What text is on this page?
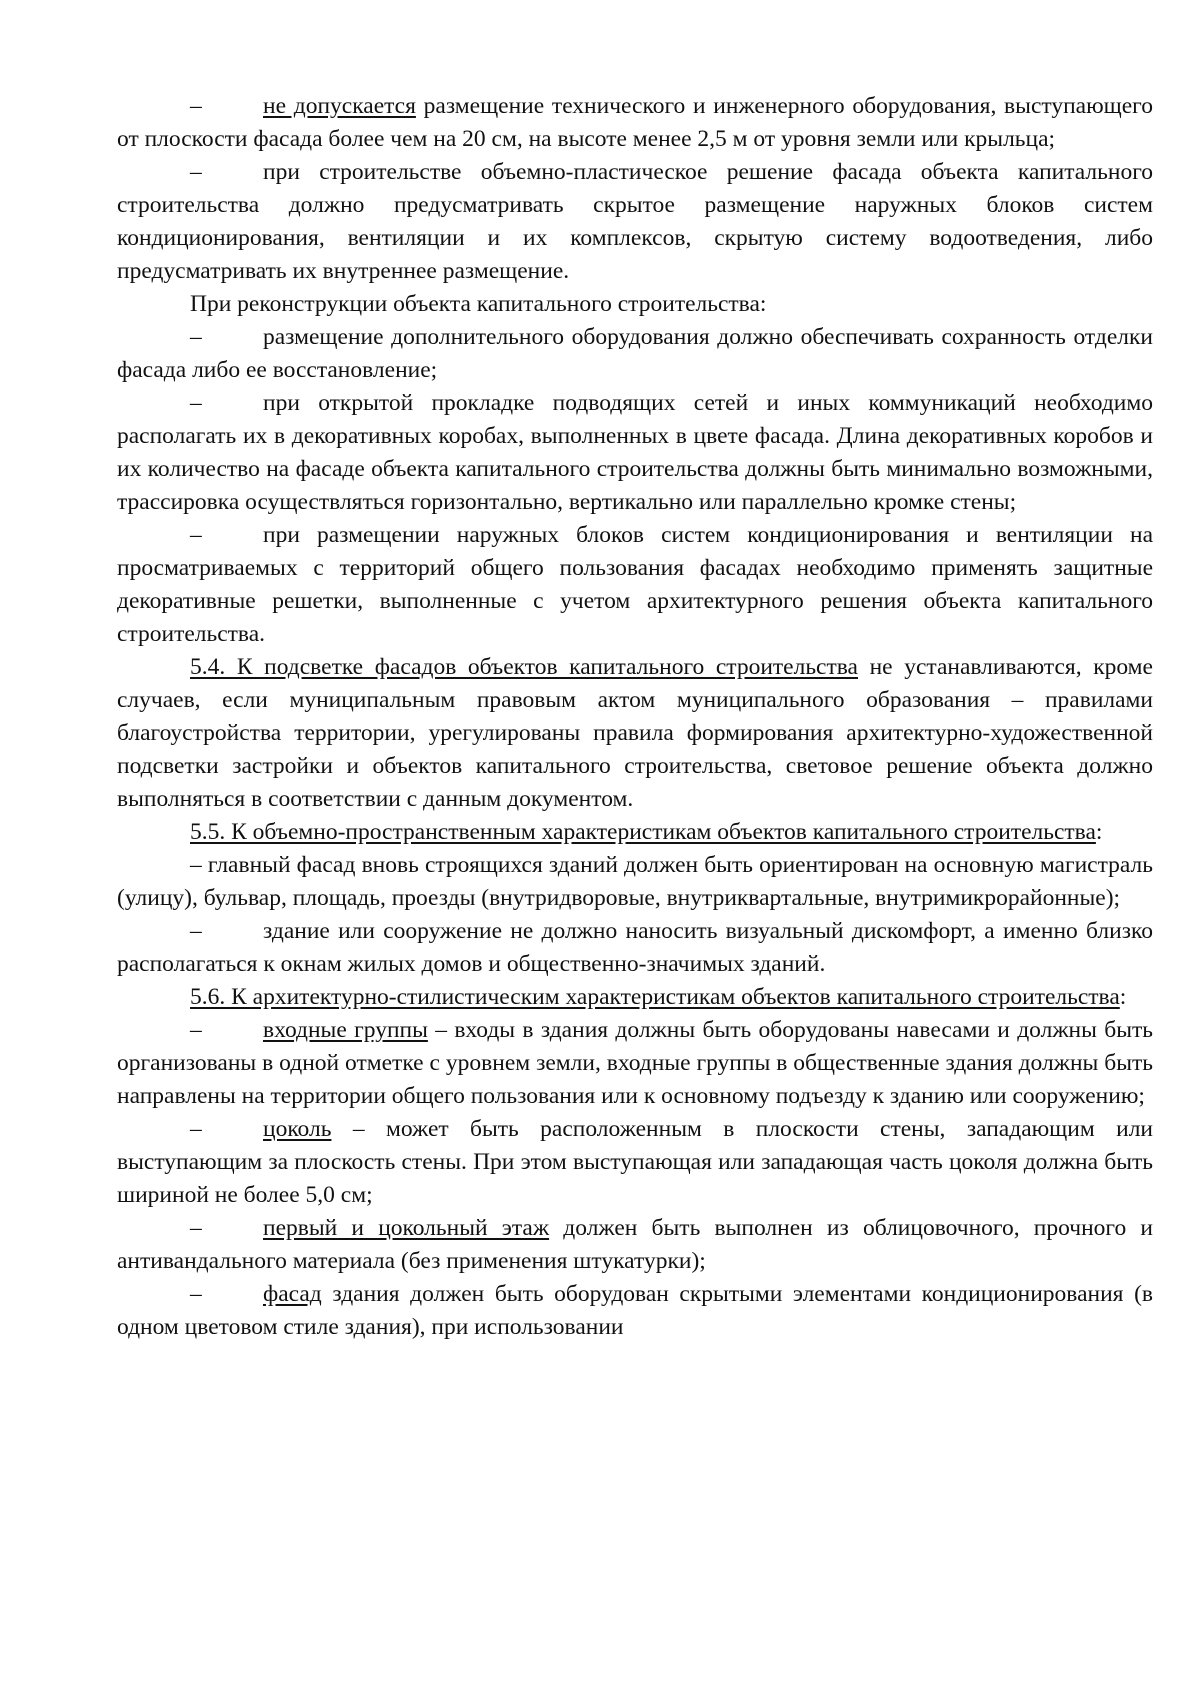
–	не допускается размещение технического и инженерного оборудования, выступающего от плоскости фасада более чем на 20 см, на высоте менее 2,5 м от уровня земли или крыльца;

–	при строительстве объемно-пластическое решение фасада объекта капитального строительства должно предусматривать скрытое размещение наружных блоков систем кондиционирования, вентиляции и их комплексов, скрытую систему водоотведения, либо предусматривать их внутреннее размещение.

При реконструкции объекта капитального строительства:

–	размещение дополнительного оборудования должно обеспечивать сохранность отделки фасада либо ее восстановление;

–	при открытой прокладке подводящих сетей и иных коммуникаций необходимо располагать их в декоративных коробах, выполненных в цвете фасада. Длина декоративных коробов и их количество на фасаде объекта капитального строительства должны быть минимально возможными, трассировка осуществляться горизонтально, вертикально или параллельно кромке стены;

–	при размещении наружных блоков систем кондиционирования и вентиляции на просматриваемых с территорий общего пользования фасадах необходимо применять защитные декоративные решетки, выполненные с учетом архитектурного решения объекта капитального строительства.

5.4. К подсветке фасадов объектов капитального строительства не устанавливаются, кроме случаев, если муниципальным правовым актом муниципального образования – правилами благоустройства территории, урегулированы правила формирования архитектурно-художественной подсветки застройки и объектов капитального строительства, световое решение объекта должно выполняться в соответствии с данным документом.

5.5. К объемно-пространственным характеристикам объектов капитального строительства:

– главный фасад вновь строящихся зданий должен быть ориентирован на основную магистраль (улицу), бульвар, площадь, проезды (внутридворовые, внутриквартальные, внутримикрорайонные);

–	здание или сооружение не должно наносить визуальный дискомфорт, а именно близко располагаться к окнам жилых домов и общественно-значимых зданий.

5.6. К архитектурно-стилистическим характеристикам объектов капитального строительства:

–	входные группы – входы в здания должны быть оборудованы навесами и должны быть организованы в одной отметке с уровнем земли, входные группы в общественные здания должны быть направлены на территории общего пользования или к основному подъезду к зданию или сооружению;

–	цоколь – может быть расположенным в плоскости стены, западающим или выступающим за плоскость стены. При этом выступающая или западающая часть цоколя должна быть шириной не более 5,0 см;

–	первый и цокольный этаж должен быть выполнен из облицовочного, прочного и антивандального материала (без применения штукатурки);

–	фасад здания должен быть оборудован скрытыми элементами кондиционирования (в одном цветовом стиле здания), при использовании
